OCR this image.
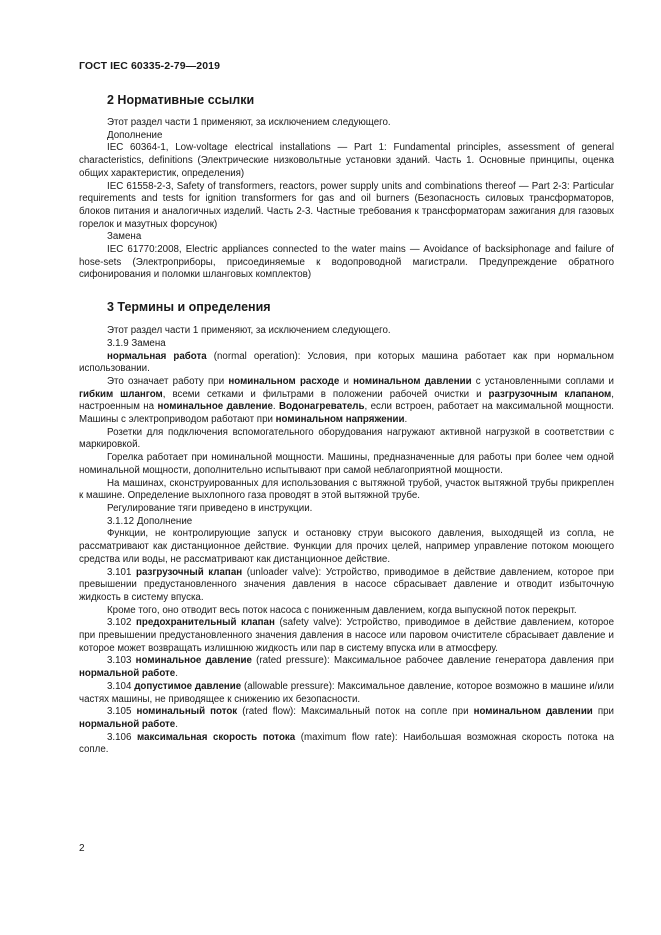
ГОСТ IEC 60335-2-79—2019
2 Нормативные ссылки

Этот раздел части 1 применяют, за исключением следующего.

Дополнение

IEC 60364-1, Low-voltage electrical installations — Part 1: Fundamental principles, assessment of general characteristics, definitions (Электрические низковольтные установки зданий. Часть 1. Основные принципы, оценка общих характеристик, определения)

IEC 61558-2-3, Safety of transformers, reactors, power supply units and combinations thereof — Part 2-3: Particular requirements and tests for ignition transformers for gas and oil burners (Безопасность силовых трансформаторов, блоков питания и аналогичных изделий. Часть 2-3. Частные требования к трансформаторам зажигания для газовых горелок и мазутных форсунок)

Замена

IEC 61770:2008, Electric appliances connected to the water mains — Avoidance of backsiphonage and failure of hose-sets (Электроприборы, присоединяемые к водопроводной магистрали. Предупреждение обратного сифонирования и поломки шланговых комплектов)

3 Термины и определения

Этот раздел части 1 применяют, за исключением следующего.

3.1.9 Замена

нормальная работа (normal operation): Условия, при которых машина работает как при нормальном использовании.

Это означает работу при номинальном расходе и номинальном давлении с установленными соплами и гибким шлангом, всеми сетками и фильтрами в положении рабочей очистки и разгрузочным клапаном, настроенным на номинальное давление. Водонагреватель, если встроен, работает на максимальной мощности. Машины с электроприводом работают при номинальном напряжении.

Розетки для подключения вспомогательного оборудования нагружают активной нагрузкой в соответствии с маркировкой.

Горелка работает при номинальной мощности. Машины, предназначенные для работы при более чем одной номинальной мощности, дополнительно испытывают при самой неблагоприятной мощности.

На машинах, сконструированных для использования с вытяжной трубой, участок вытяжной трубы прикреплен к машине. Определение выхлопного газа проводят в этой вытяжной трубе.

Регулирование тяги приведено в инструкции.

3.1.12 Дополнение

Функции, не контролирующие запуск и остановку струи высокого давления, выходящей из сопла, не рассматривают как дистанционное действие. Функции для прочих целей, например управление потоком моющего средства или воды, не рассматривают как дистанционное действие.

3.101 разгрузочный клапан (unloader valve): Устройство, приводимое в действие давлением, которое при превышении предустановленного значения давления в насосе сбрасывает давление и отводит избыточную жидкость в систему впуска.

Кроме того, оно отводит весь поток насоса с пониженным давлением, когда выпускной поток перекрыт.

3.102 предохранительный клапан (safety valve): Устройство, приводимое в действие давлением, которое при превышении предустановленного значения давления в насосе или паровом очистителе сбрасывает давление и которое может возвращать излишнюю жидкость или пар в систему впуска или в атмосферу.

3.103 номинальное давление (rated pressure): Максимальное рабочее давление генератора давления при нормальной работе.

3.104 допустимое давление (allowable pressure): Максимальное давление, которое возможно в машине и/или частях машины, не приводящее к снижению их безопасности.

3.105 номинальный поток (rated flow): Максимальный поток на сопле при номинальном давлении при нормальной работе.

3.106 максимальная скорость потока (maximum flow rate): Наибольшая возможная скорость потока на сопле.

2
